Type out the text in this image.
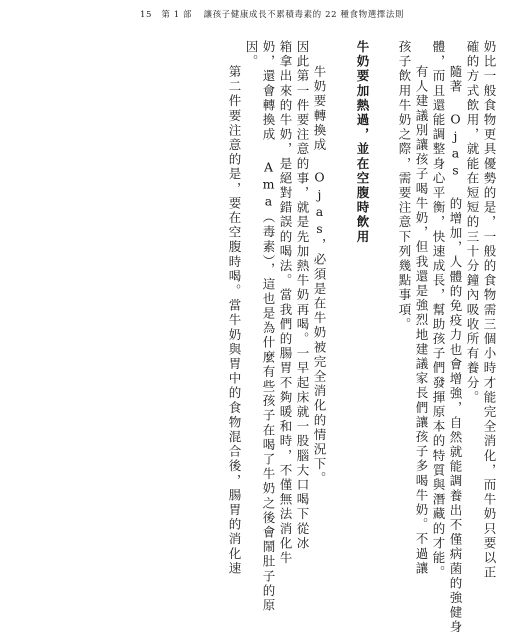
15 第 1 部 讓孩子健康成長不累積毒素的 22 種食物選擇法則
奶比一般食物更具優勢的是，一般的食物需三個小時才能完全消化，而牛奶只要以正
確的方式飲用，就能在短短的三十分鐘內吸收所有養分。
隨著 Ojas 的增加，人體的免疫力也會增強，自然就能調養出不僅病菌的強健身
體，而且還能調整身心平衡，快速成長，幫助孩子們發揮原本的特質與潛藏的才能。
有人建議別讓孩子喝牛奶，但我還是強烈地建議家長們讓孩子多喝牛奶。不過讓
孩子飲用牛奶之際，需要注意下列幾點事項。
牛奶要加熱過，並在空腹時飲用
牛奶要轉換成 Ojas，必須是在牛奶被完全消化的情況下。
因此第一件要注意的事，就是先加熱牛奶再喝。一早起床就一股腦大口喝下從冰
箱拿出來的牛奶，是絕對錯誤的喝法。當我們的腸胃不夠暖和時，不僅無法消化牛
奶，還會轉換成 Ama（毒素），這也是為什麼有些孩子在喝了牛奶之後會鬧肚子的原
因。
第二件要注意的是，要在空腹時喝。當牛奶與胃中的食物混合後，腸胃的消化速
